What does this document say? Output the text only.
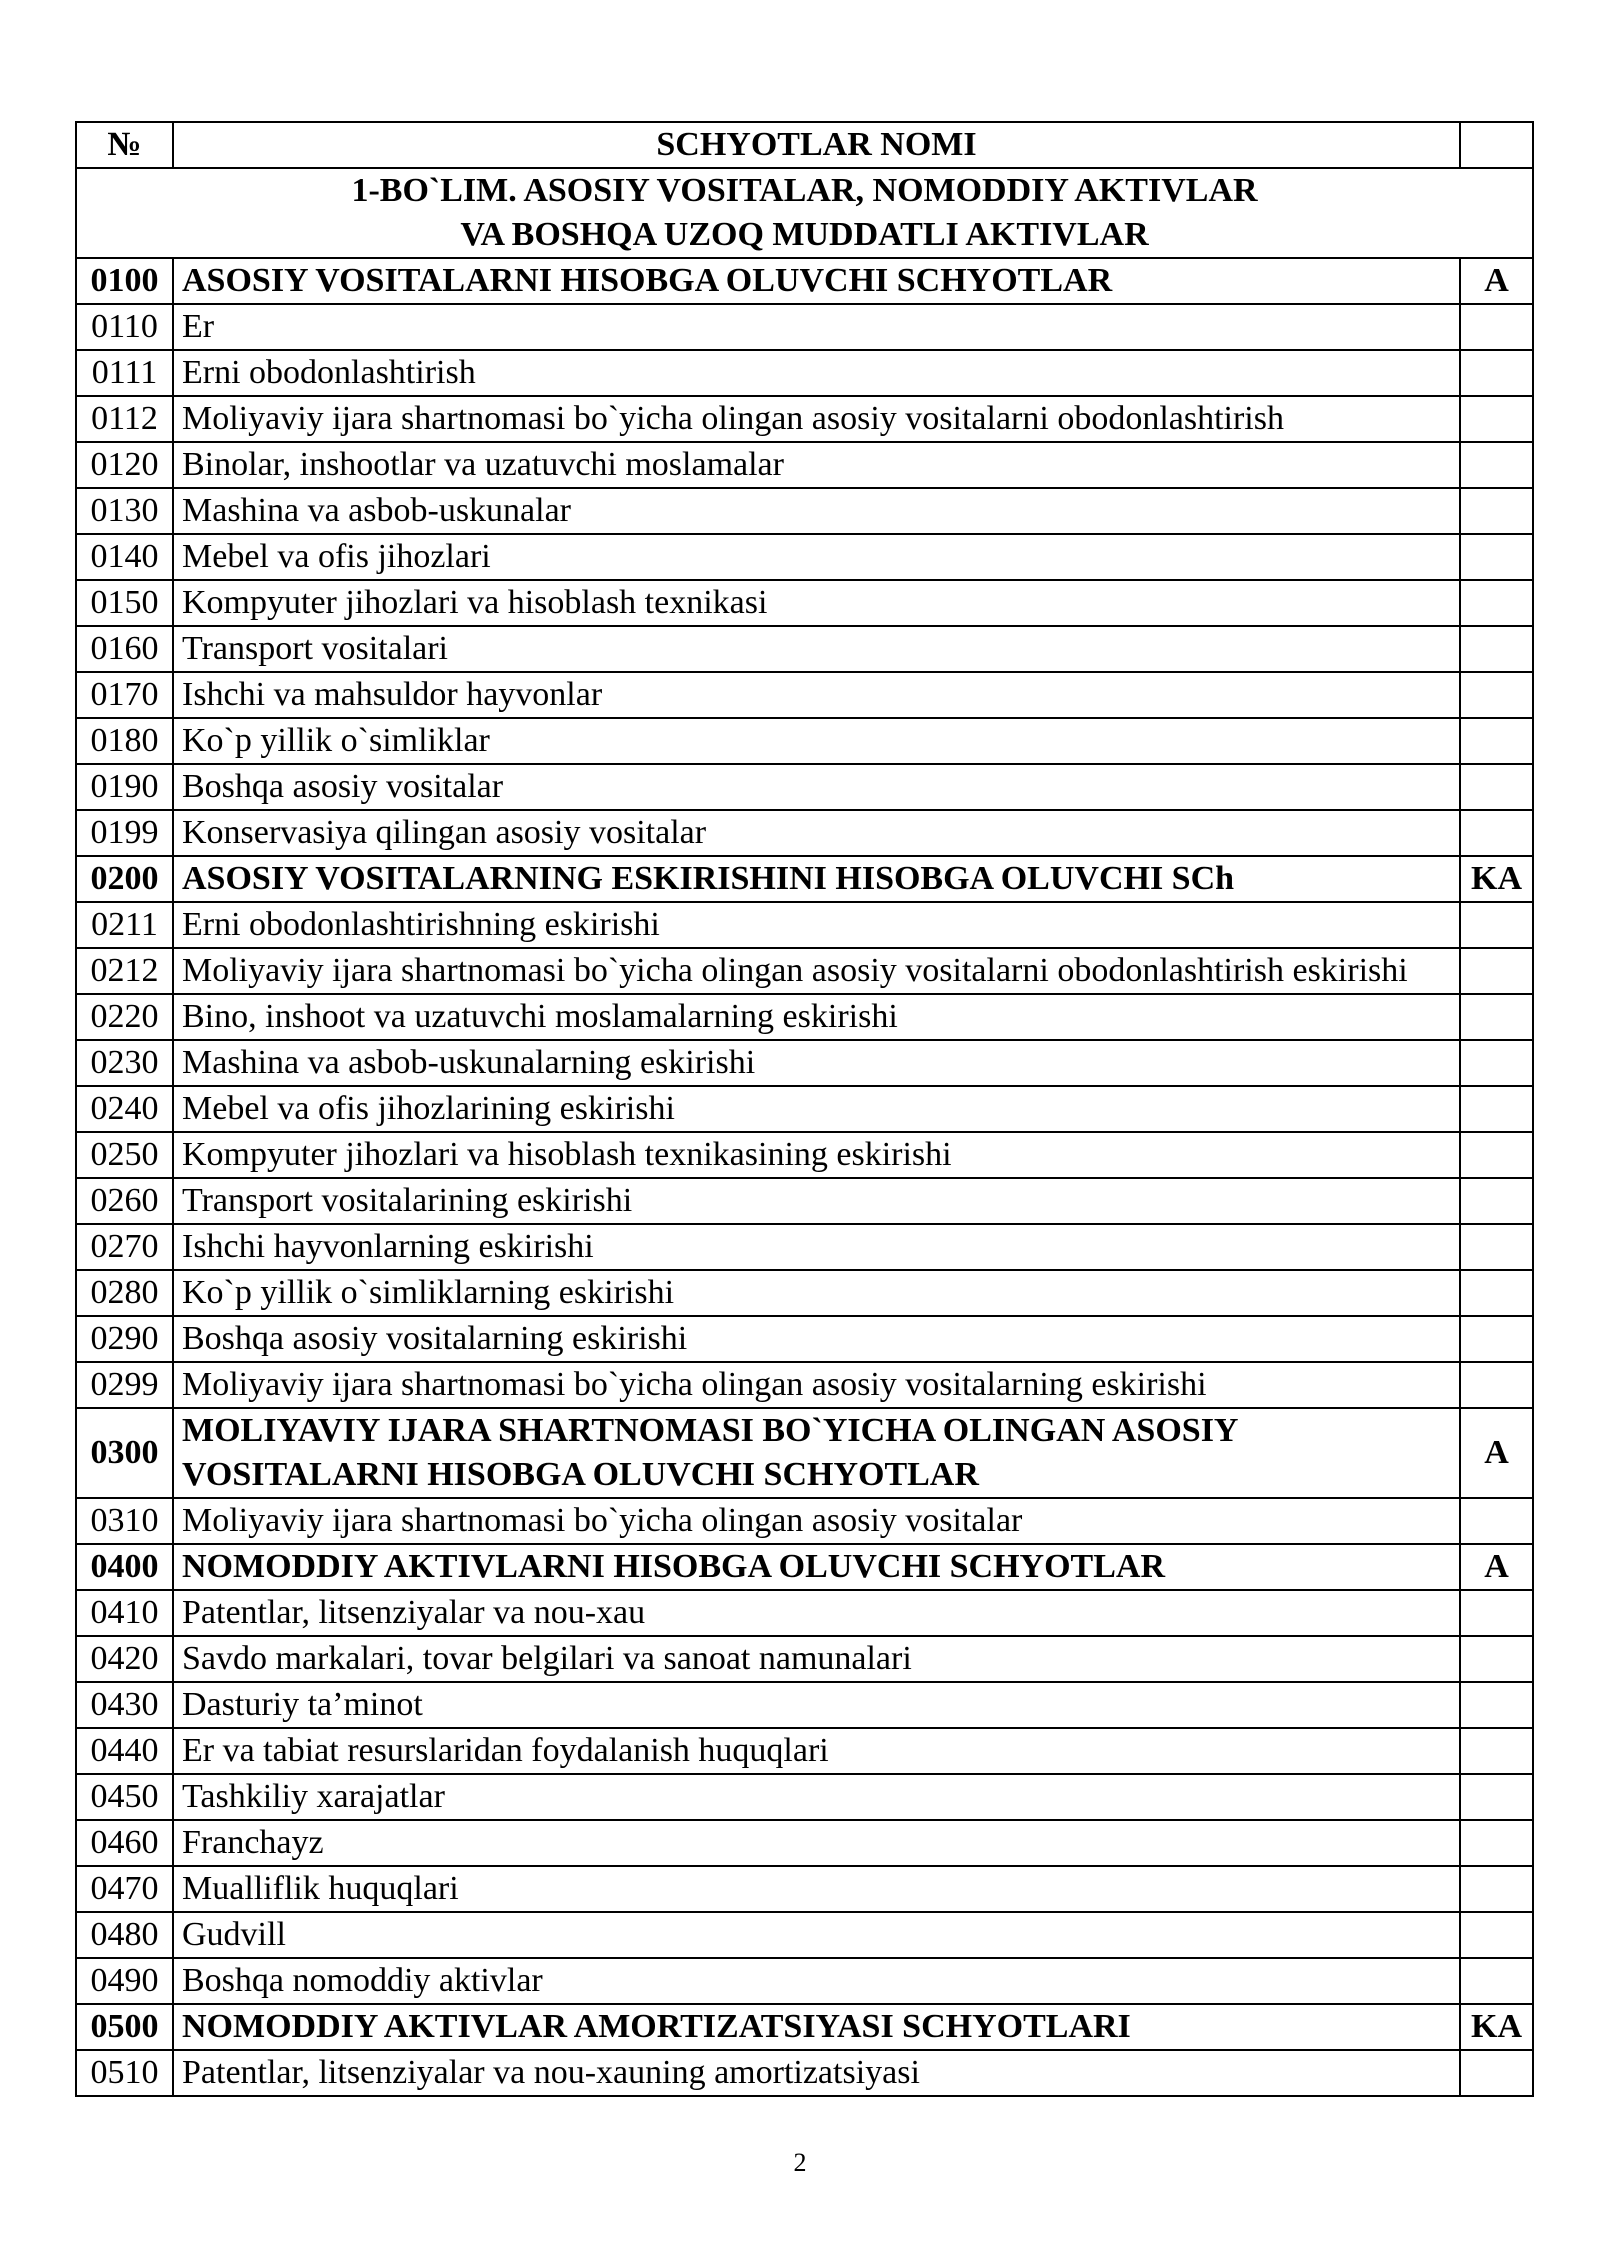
№	SCHYOTLAR NOMI	

1-BO`LIM. ASOSIY VOSITALAR, NOMODDIY AKTIVLAR
VA BOSHQA UZOQ MUDDATLI AKTIVLAR		

0100	ASOSIY VOSITALARNI HISOBGA OLUVCHI SCHYOTLAR	A
0110	Er	
0111	Erni obodonlashtirish	
0112	Moliyaviy ijara shartnomasi bo`yicha olingan asosiy vositalarni obodonlashtirish	
0120	Binolar, inshootlar va uzatuvchi moslamalar	
0130	Mashina va asbob-uskunalar	
0140	Mebel va ofis jihozlari	
0150	Kompyuter jihozlari va hisoblash texnikasi	
0160	Transport vositalari	
0170	Ishchi va mahsuldor hayvonlar	
0180	Ko`p yillik o`simliklar	
0190	Boshqa asosiy vositalar	
0199	Konservasiya qilingan asosiy vositalar	
0200	ASOSIY VOSITALARNING ESKIRISHINI HISOBGA OLUVCHI SCh	KA
0211	Erni obodonlashtirishning eskirishi	
0212	Moliyaviy ijara shartnomasi bo`yicha olingan asosiy vositalarni obodonlashtirish eskirishi	
0220	Bino, inshoot va uzatuvchi moslamalarning eskirishi	
0230	Mashina va asbob-uskunalarning eskirishi	
0240	Mebel va ofis jihozlarining eskirishi	
0250	Kompyuter jihozlari va hisoblash texnikasining eskirishi	
0260	Transport vositalarining eskirishi	
0270	Ishchi hayvonlarning eskirishi	
0280	Ko`p yillik o`simliklarning eskirishi	
0290	Boshqa asosiy vositalarning eskirishi	
0299	Moliyaviy ijara shartnomasi bo`yicha olingan asosiy vositalarning eskirishi	
0300	MOLIYAVIY IJARA SHARTNOMASI BO`YICHA OLINGAN ASOSIY VOSITALARNI HISOBGA OLUVCHI SCHYOTLAR	A
0310	Moliyaviy ijara shartnomasi bo`yicha olingan asosiy vositalar	
0400	NOMODDIY AKTIVLARNI HISOBGA OLUVCHI SCHYOTLAR	A
0410	Patentlar, litsenziyalar va nou-xau	
0420	Savdo markalari, tovar belgilari va sanoat namunalari	
0430	Dasturiy ta’minot	
0440	Er va tabiat resurslaridan foydalanish huquqlari	
0450	Tashkiliy xarajatlar	
0460	Franchayz	
0470	Mualliflik huquqlari	
0480	Gudvill	
0490	Boshqa nomoddiy aktivlar	
0500	NOMODDIY AKTIVLAR AMORTIZATSIYASI SCHYOTLARI	KA
0510	Patentlar, litsenziyalar va nou-xauning amortizatsiyasi	
2
